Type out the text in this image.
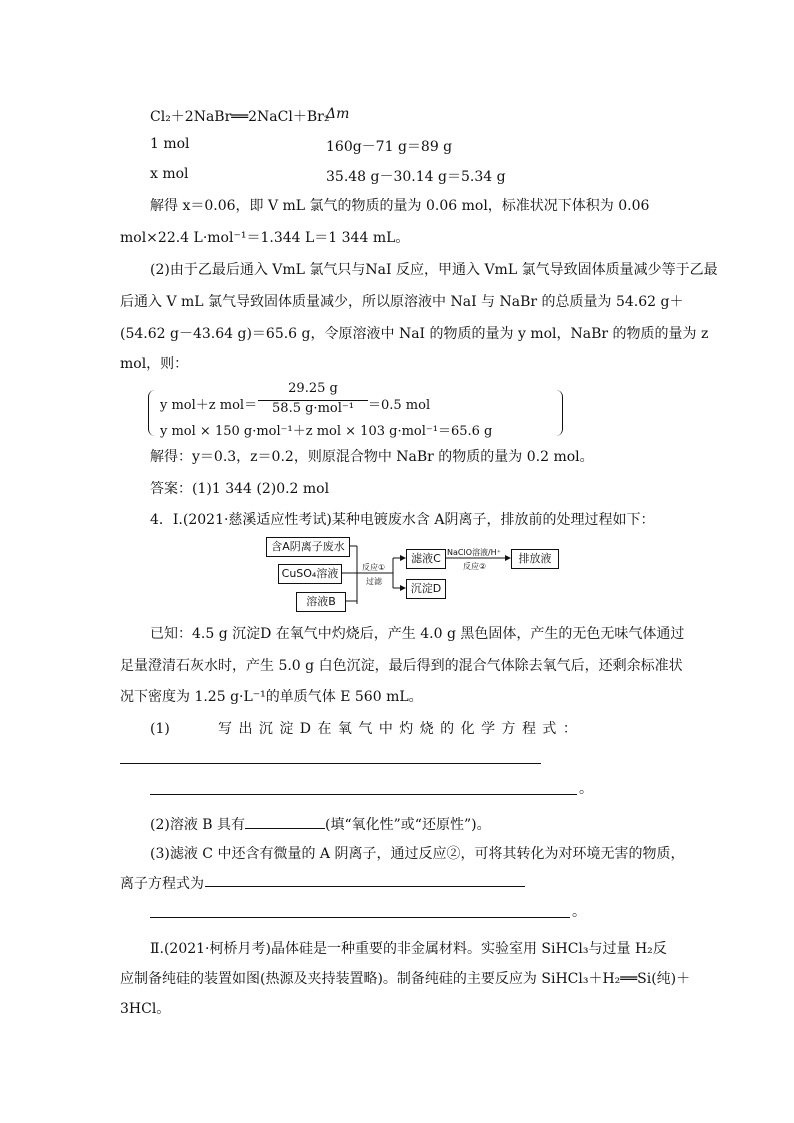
Cl₂＋2NaBr══2NaCl＋Br₂
Δm
1 mol	160g－71 g＝89 g
x mol	35.48 g－30.14 g＝5.34 g
解得 x＝0.06，即 V mL 氯气的物质的量为 0.06 mol，标准状况下体积为 0.06
mol×22.4 L·mol⁻¹＝1.344 L＝1 344 mL。
(2)由于乙最后通入 VmL 氯气只与NaI 反应，甲通入 VmL 氯气导致固体质量减少等于乙最
后通入 V mL 氯气导致固体质量减少，所以原溶液中 NaI 与 NaBr 的总质量为 54.62 g＋
(54.62 g－43.64 g)＝65.6 g，令原溶液中 NaI 的物质的量为 y mol，NaBr 的物质的量为 z
mol，则：
y mol＋z mol＝
29.25 g
58.5 g·mol⁻¹	＝0.5 mol
y mol × 150 g·mol⁻¹＋z mol × 103 g·mol⁻¹＝65.6 g
解得：y＝0.3，z＝0.2，则原混合物中 NaBr 的物质的量为 0.2 mol。
答案：(1)1 344 (2)0.2 mol
4．Ⅰ.(2021·慈溪适应性考试)某种电镀废水含 A阴离子，排放前的处理过程如下：
含A阴离子废水
CuSO₄溶液
溶液B
反应①
过滤
滤液C
沉淀D
NaClO溶液/H⁺
反应②
排放液
已知：4.5 g 沉淀D 在氧气中灼烧后，产生 4.0 g 黑色固体，产生的无色无味气体通过
足量澄清石灰水时，产生 5.0 g 白色沉淀，最后得到的混合气体除去氧气后，还剩余标准状
况下密度为 1.25 g·L⁻¹的单质气体 E 560 mL。
(1)	写 出 沉 淀 D 在 氧 气 中 灼 烧 的 化 学 方 程 式 ：
。
(2)溶液 B 具有	(填“氧化性”或“还原性”)。
(3)滤液 C 中还含有微量的 A 阴离子，通过反应②，可将其转化为对环境无害的物质，
离子方程式为
。
Ⅱ.(2021·柯桥月考)晶体硅是一种重要的非金属材料。实验室用 SiHCl₃与过量 H₂反
应制备纯硅的装置如图(热源及夹持装置略)。制备纯硅的主要反应为 SiHCl₃＋H₂══Si(纯)＋
3HCl。
